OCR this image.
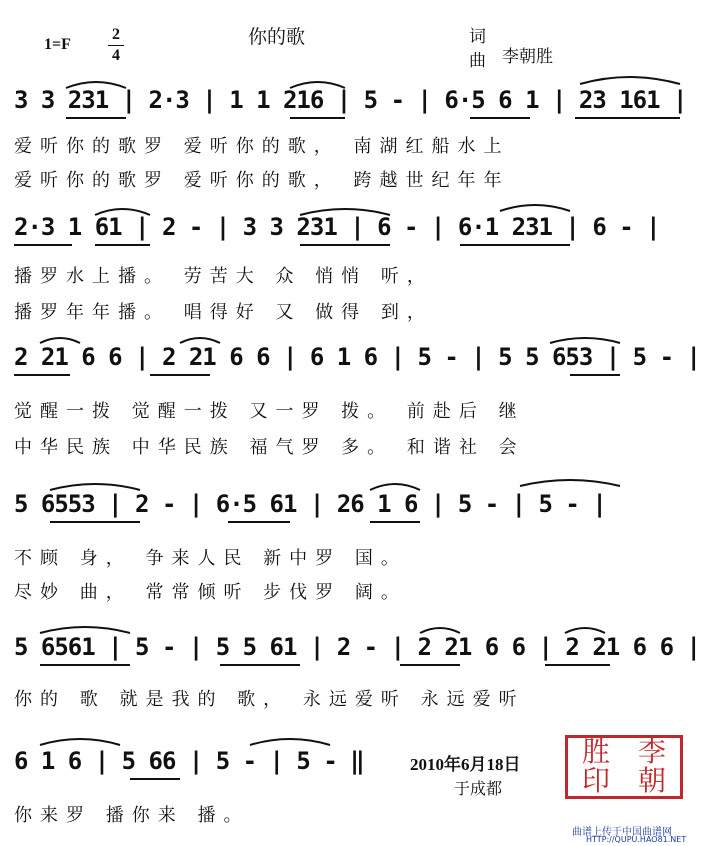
你的歌
1=F
2
4
词
曲 李朝胜
3 3 231 | 2·3 | 1 1 216 | 5 - | 6·5 6 1 | 23 161 |
爱听你的歌罗 爱听你的歌， 南湖红船水上
爱听你的歌罗 爱听你的歌， 跨越世纪年年
2·3 1 61 | 2 - | 3 3 231 | 6 - | 6·1 231 | 6 - |
播罗水上播。 劳苦大 众 悄悄 听，
播罗年年播。 唱得好 又 做得 到，
2 21 6 6 | 2 21 6 6 | 6 1 6 | 5 - | 5 5 653 | 5 - |
觉醒一拨 觉醒一拨 又一罗 拨。 前赴后 继
中华民族 中华民族 福气罗 多。 和谐社 会
5 6553 | 2 - | 6·5 61 | 26 1 6 | 5 - | 5 - |
不顾 身， 争来人民 新中罗 国。
尽妙 曲， 常常倾听 步伐罗 阔。
5 6561 | 5 - | 5 5 61 | 2 - | 2 21 6 6 | 2 21 6 6 |
你的 歌 就是我的 歌， 永远爱听 永远爱听
6 1 6 | 5 66 | 5 - | 5 - ‖
你来罗 播你来 播。
2010年6月18日
于成都
胜 李
印 朝
曲谱上传于中国曲谱网
HTTP://QUPU.HAO81.NET
